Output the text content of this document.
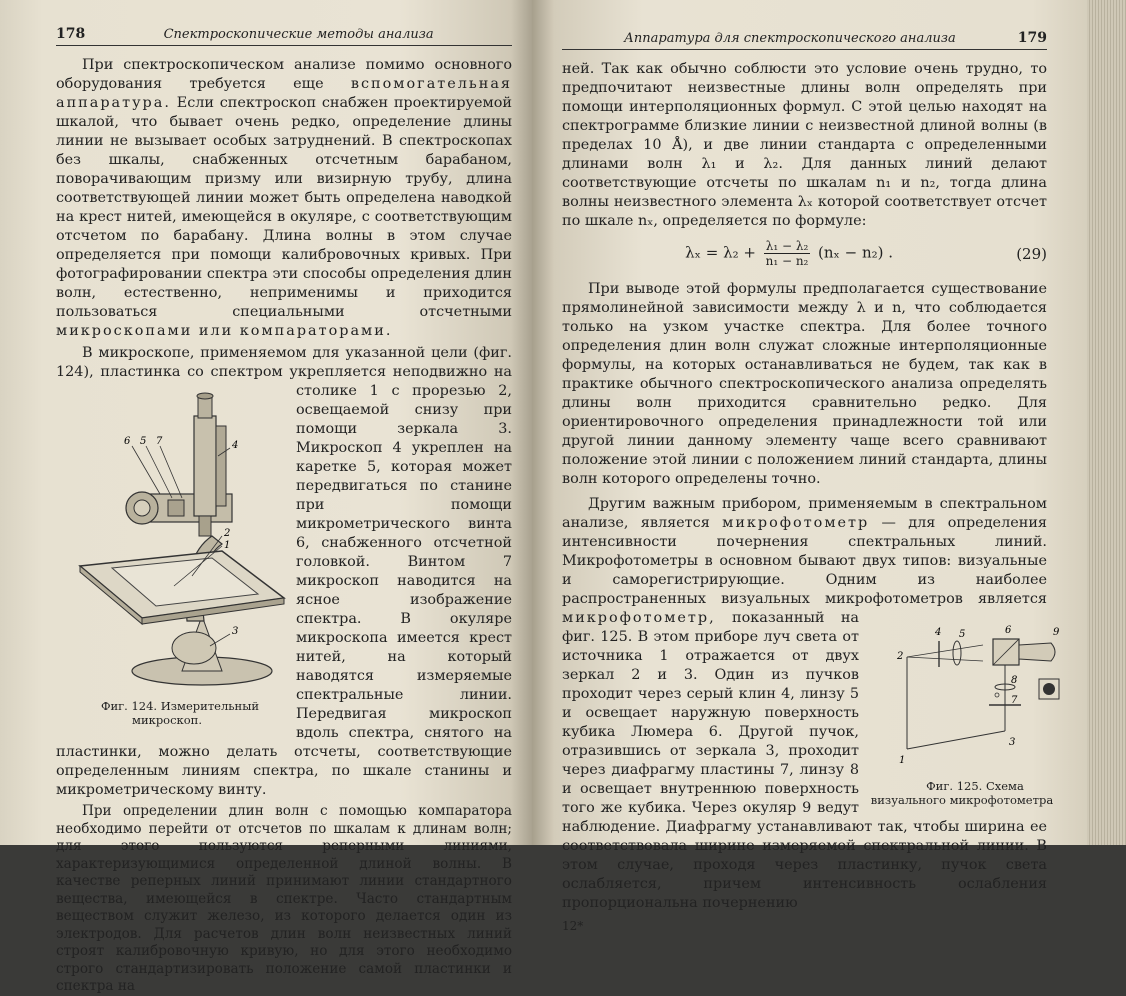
178	Спектроскопические методы анализа

При спектроскопическом анализе помимо основного оборудования требуется еще вспомогательная аппаратура. Если спектроскоп снабжен проектируемой шкалой, что бывает очень редко, определение длины линии не вызывает особых затруднений. В спектроскопах без шкалы, снабженных отсчетным барабаном, поворачивающим призму или визирную трубу, длина соответствующей линии может быть определена наводкой на крест нитей, имеющейся в окуляре, с соответствующим отсчетом по барабану. Длина волны в этом случае определяется при помощи калибровочных кривых. При фотографировании спектра эти способы определения длин волн, естественно, неприменимы и приходится пользоваться специальными отсчетными микроскопами или компараторами.

В микроскопе, применяемом для указанной цели (фиг. 124), пластинка со спектром укрепляется неподвижно на столике
6 5 7	4
2
1
3
Фиг. 124. Измерительный микроскоп.
1 с прорезью 2, освещаемой снизу при помощи зеркала 3. Микроскоп 4 укреплен на каретке 5, которая может передвигаться по станине при помощи микрометрического винта 6, снабженного отсчетной головкой. Винтом 7 микроскоп наводится на ясное изображение спектра. В окуляре микроскопа имеется крест нитей, на который наводятся измеряемые спектральные линии. Передвигая микроскоп вдоль спектра, снятого на пластинки, можно делать отсчеты, соответствующие определенным линиям спектра, по шкале станины и микрометрическому винту.

При определении длин волн с помощью компаратора необходимо перейти от отсчетов по шкалам к длинам волн; для этого пользуются реперными линиями, характеризующимися определенной длиной волны. В качестве реперных линий принимают линии стандартного вещества, имеющейся в спектре. Часто стандартным веществом служит железо, из которого делается один из электродов. Для расчетов длин волн неизвестных линий строят калибровочную кривую, но для этого необходимо строго стандартизировать положение самой пластинки и спектра на

Аппаратура для спектроскопического анализа	179

ней. Так как обычно соблюсти это условие очень трудно, то предпочитают неизвестные длины волн определять при помощи интерполяционных формул. С этой целью находят на спектрограмме близкие линии с неизвестной длиной волны (в пределах 10 Å), и две линии стандарта с определенными длинами волн λ₁ и λ₂. Для данных линий делают соответствующие отсчеты по шкалам n₁ и n₂, тогда длина волны неизвестного элемента λₓ которой соответствует отсчет по шкале nₓ, определяется по формуле:

$\lambda_x = \lambda_2 + \frac{\text{λ₁ − λ₂}}{\text{n₁ − n₂}} (n_x - n_2)$ .	(29)

При выводе этой формулы предполагается существование прямолинейной зависимости между λ и n, что соблюдается только на узком участке спектра. Для более точного определения длин волн служат сложные интерполяционные формулы, на которых останавливаться не будем, так как в практике обычного спектроскопического анализа определять длины волн приходится сравнительно редко. Для ориентировочного определения принадлежности той или другой линии данному элементу чаще всего сравнивают положение этой линии с положением линий стандарта, длины волн которого определены точно.

Другим важным прибором, применяемым в спектральном анализе, является микрофотометр — для определения интенсивности почернения спектральных линий. Микрофотометры в основном бывают двух типов: визуальные и саморегистрирующие. Одним из наиболее распространенных визуальных микрофотометров является
2
4 5	6	9
8
7
1
3
Фиг. 125. Схема визуального микрофотометра
микрофотометр, показанный на фиг. 125. В этом приборе луч света от источника 1 отражается от двух зеркал 2 и 3. Один из пучков проходит через серый клин 4, линзу 5 и освещает наружную поверхность кубика Люмера 6. Другой пучок, отразившись от зеркала 3, проходит через диафрагму пластины 7, линзу 8 и освещает внутреннюю поверхность того же кубика. Через окуляр 9 ведут наблюдение. Диафрагму устанавливают так, чтобы ширина ее соответствовала ширине измеряемой спектральной линии. В этом случае, проходя через пластинку, пучок света ослабляется, причем интенсивность ослабления пропорциональна почернению

12*
